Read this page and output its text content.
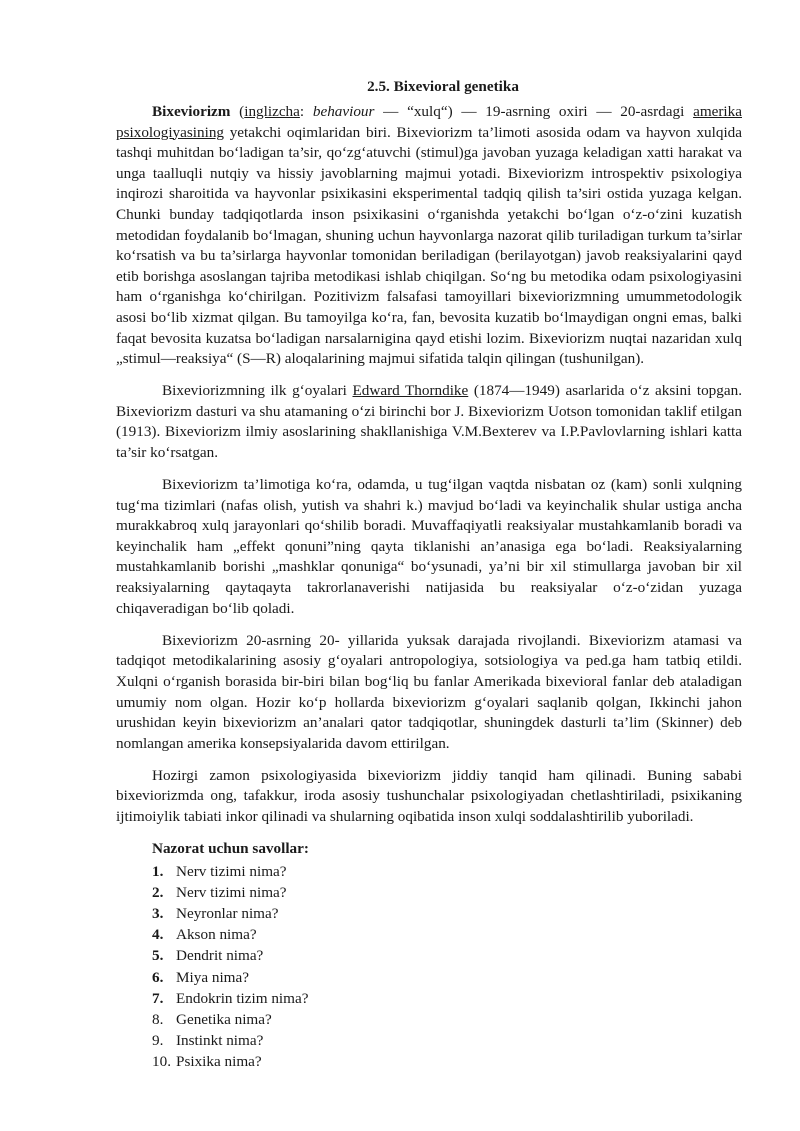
2.5. Bixevioral genetika

Bixeviorizm (inglizcha: behaviour — “xulq“) — 19-asrning oxiri — 20-asrdagi amerika psixologiyasining yetakchi oqimlaridan biri. Bixeviorizm ta’limoti asosida odam va hayvon xulqida tashqi muhitdan bo‘ladigan ta’sir, qo‘zg‘atuvchi (stimul)ga javoban yuzaga keladigan xatti harakat va unga taalluqli nutqiy va hissiy javoblarning majmui yotadi. Bixeviorizm introspektiv psixologiya inqirozi sharoitida va hayvonlar psixikasini eksperimental tadqiq qilish ta’siri ostida yuzaga kelgan. Chunki bunday tadqiqotlarda inson psixikasini o‘rganishda yetakchi bo‘lgan o‘z-o‘zini kuzatish metodidan foydalanib bo‘lmagan, shuning uchun hayvonlarga nazorat qilib turiladigan turkum ta’sirlar ko‘rsatish va bu ta’sirlarga hayvonlar tomonidan beriladigan (berilayotgan) javob reaksiyalarini qayd etib borishga asoslangan tajriba metodikasi ishlab chiqilgan. So‘ng bu metodika odam psixologiyasini ham o‘rganishga ko‘chirilgan. Pozitivizm falsafasi tamoyillari bixeviorizmning umummetodologik asosi bo‘lib xizmat qilgan. Bu tamoyilga ko‘ra, fan, bevosita kuzatib bo‘lmaydigan ongni emas, balki faqat bevosita kuzatsa bo‘ladigan narsalarnigina qayd etishi lozim. Bixeviorizm nuqtai nazaridan xulq „stimul—reaksiya“ (S—R) aloqalarining majmui sifatida talqin qilingan (tushunilgan).

Bixeviorizmning ilk g‘oyalari Edward Thorndike (1874—1949) asarlarida o‘z aksini topgan. Bixeviorizm dasturi va shu atamaning o‘zi birinchi bor J. Bixeviorizm Uotson tomonidan taklif etilgan (1913). Bixeviorizm ilmiy asoslarining shakllanishiga V.M.Bexterev va I.P.Pavlovlarning ishlari katta ta’sir ko‘rsatgan.

Bixeviorizm ta’limotiga ko‘ra, odamda, u tug‘ilgan vaqtda nisbatan oz (kam) sonli xulqning tug‘ma tizimlari (nafas olish, yutish va shahri k.) mavjud bo‘ladi va keyinchalik shular ustiga ancha murakkabroq xulq jarayonlari qo‘shilib boradi. Muvaffaqiyatli reaksiyalar mustahkamlanib boradi va keyinchalik ham „effekt qonuni”ning qayta tiklanishi an’anasiga ega bo‘ladi. Reaksiyalarning mustahkamlanib borishi „mashklar qonuniga“ bo‘ysunadi, ya’ni bir xil stimullarga javoban bir xil reaksiyalarning qaytaqayta takrorlanaverishi natijasida bu reaksiyalar o‘z-o‘zidan yuzaga chiqaveradigan bo‘lib qoladi.

Bixeviorizm 20-asrning 20- yillarida yuksak darajada rivojlandi. Bixeviorizm atamasi va tadqiqot metodikalarining asosiy g‘oyalari antropologiya, sotsiologiya va ped.ga ham tatbiq etildi. Xulqni o‘rganish borasida bir-biri bilan bog‘liq bu fanlar Amerikada bixevioral fanlar deb ataladigan umumiy nom olgan. Hozir ko‘p hollarda bixeviorizm g‘oyalari saqlanib qolgan, Ikkinchi jahon urushidan keyin bixeviorizm an’analari qator tadqiqotlar, shuningdek dasturli ta’lim (Skinner) deb nomlangan amerika konsepsiyalarida davom ettirilgan.

Hozirgi zamon psixologiyasida bixeviorizm jiddiy tanqid ham qilinadi. Buning sababi bixeviorizmda ong, tafakkur, iroda asosiy tushunchalar psixologiyadan chetlashtiriladi, psixikaning ijtimoiylik tabiati inkor qilinadi va shularning oqibatida inson xulqi soddalashtirilib yuboriladi.

Nazorat uchun savollar:
1. Nerv tizimi nima?
2. Nerv tizimi nima?
3. Neyronlar nima?
4. Akson nima?
5. Dendrit nima?
6. Miya nima?
7. Endokrin tizim nima?
8. Genetika nima?
9. Instinkt nima?
10. Psixika nima?
